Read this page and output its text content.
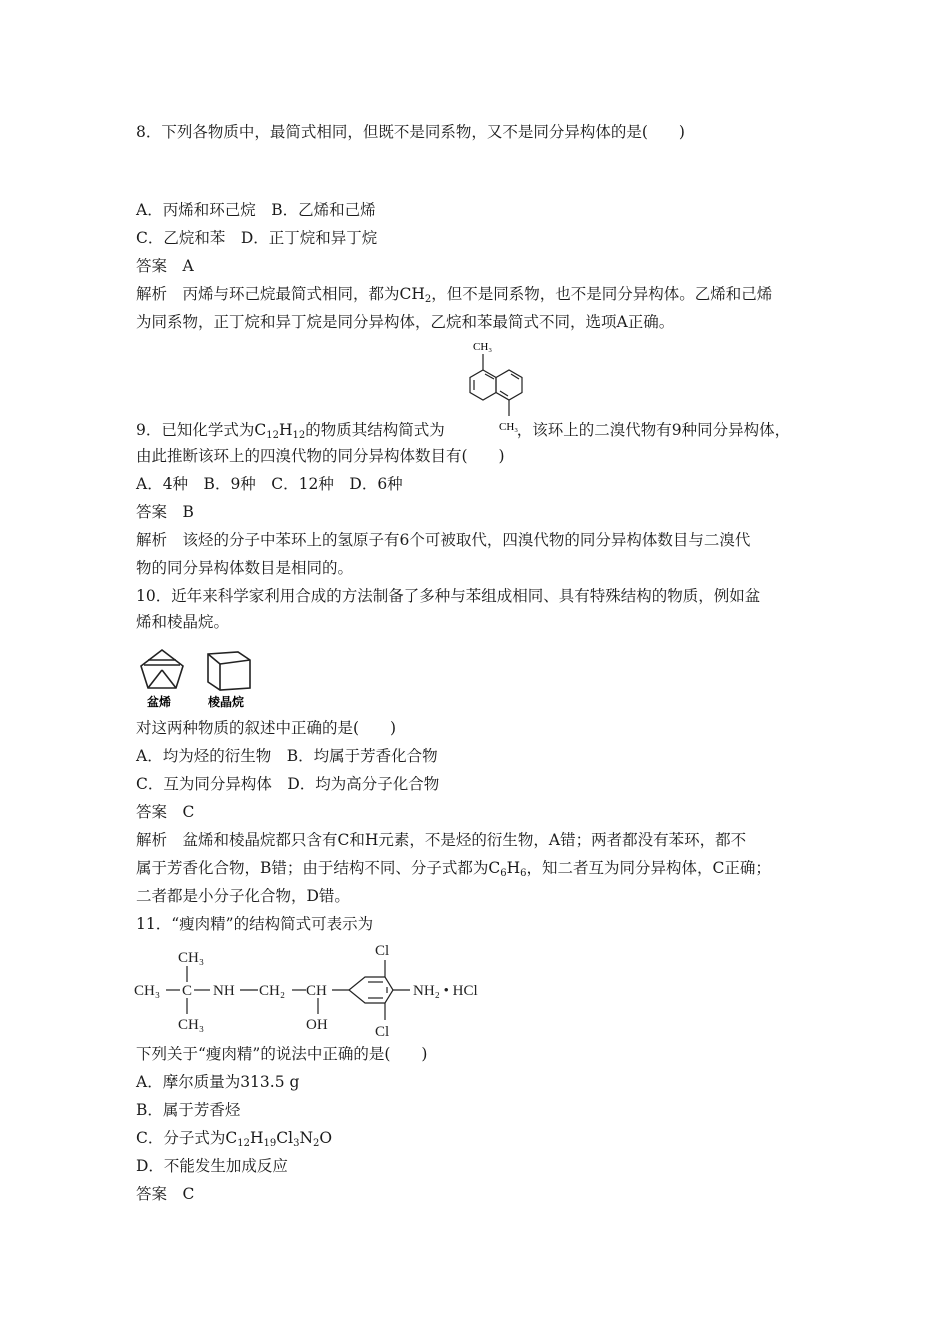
8．下列各物质中，最简式相同，但既不是同系物，又不是同分异构体的是(　　)
A．丙烯和环己烷　B．乙烯和己烯
C．乙烷和苯　D．正丁烷和异丁烷
答案　A
解析　丙烯与环己烷最简式相同，都为$CH_2$，但不是同系物，也不是同分异构体。乙烯和己烯
为同系物，正丁烷和异丁烷是同分异构体，乙烷和苯最简式不同，选项A正确。
CH₃
CH₃
9．已知化学式为$C_{12}H_{12}$的物质其结构简式为	，该环上的二溴代物有9种同分异构体，
由此推断该环上的四溴代物的同分异构体数目有(　　)
A．4种　B．9种　C．12种　D．6种
答案　B
解析　该烃的分子中苯环上的氢原子有6个可被取代，四溴代物的同分异构体数目与二溴代
物的同分异构体数目是相同的。
10．近年来科学家利用合成的方法制备了多种与苯组成相同、具有特殊结构的物质，例如盆
烯和棱晶烷。
盆烯	棱晶烷
对这两种物质的叙述中正确的是(　　)
A．均为烃的衍生物　B．均属于芳香化合物
C．互为同分异构体　D．均为高分子化合物
答案　C
解析　盆烯和棱晶烷都只含有C和H元素，不是烃的衍生物，A错；两者都没有苯环，都不
属于芳香化合物，B错；由于结构不同、分子式都为$C_6H_6$，知二者互为同分异构体，C正确；
二者都是小分子化合物，D错。
11．“瘦肉精”的结构简式可表示为
CH₃
CH₃ C NH CH₂ CH
OH
CH₃
Cl
Cl
NH₂ • HCl
下列关于“瘦肉精”的说法中正确的是(　　)
A．摩尔质量为313.5 g
B．属于芳香烃
C．分子式为$C_{12}H_{19}Cl_3N_2O$
D．不能发生加成反应
答案　C
